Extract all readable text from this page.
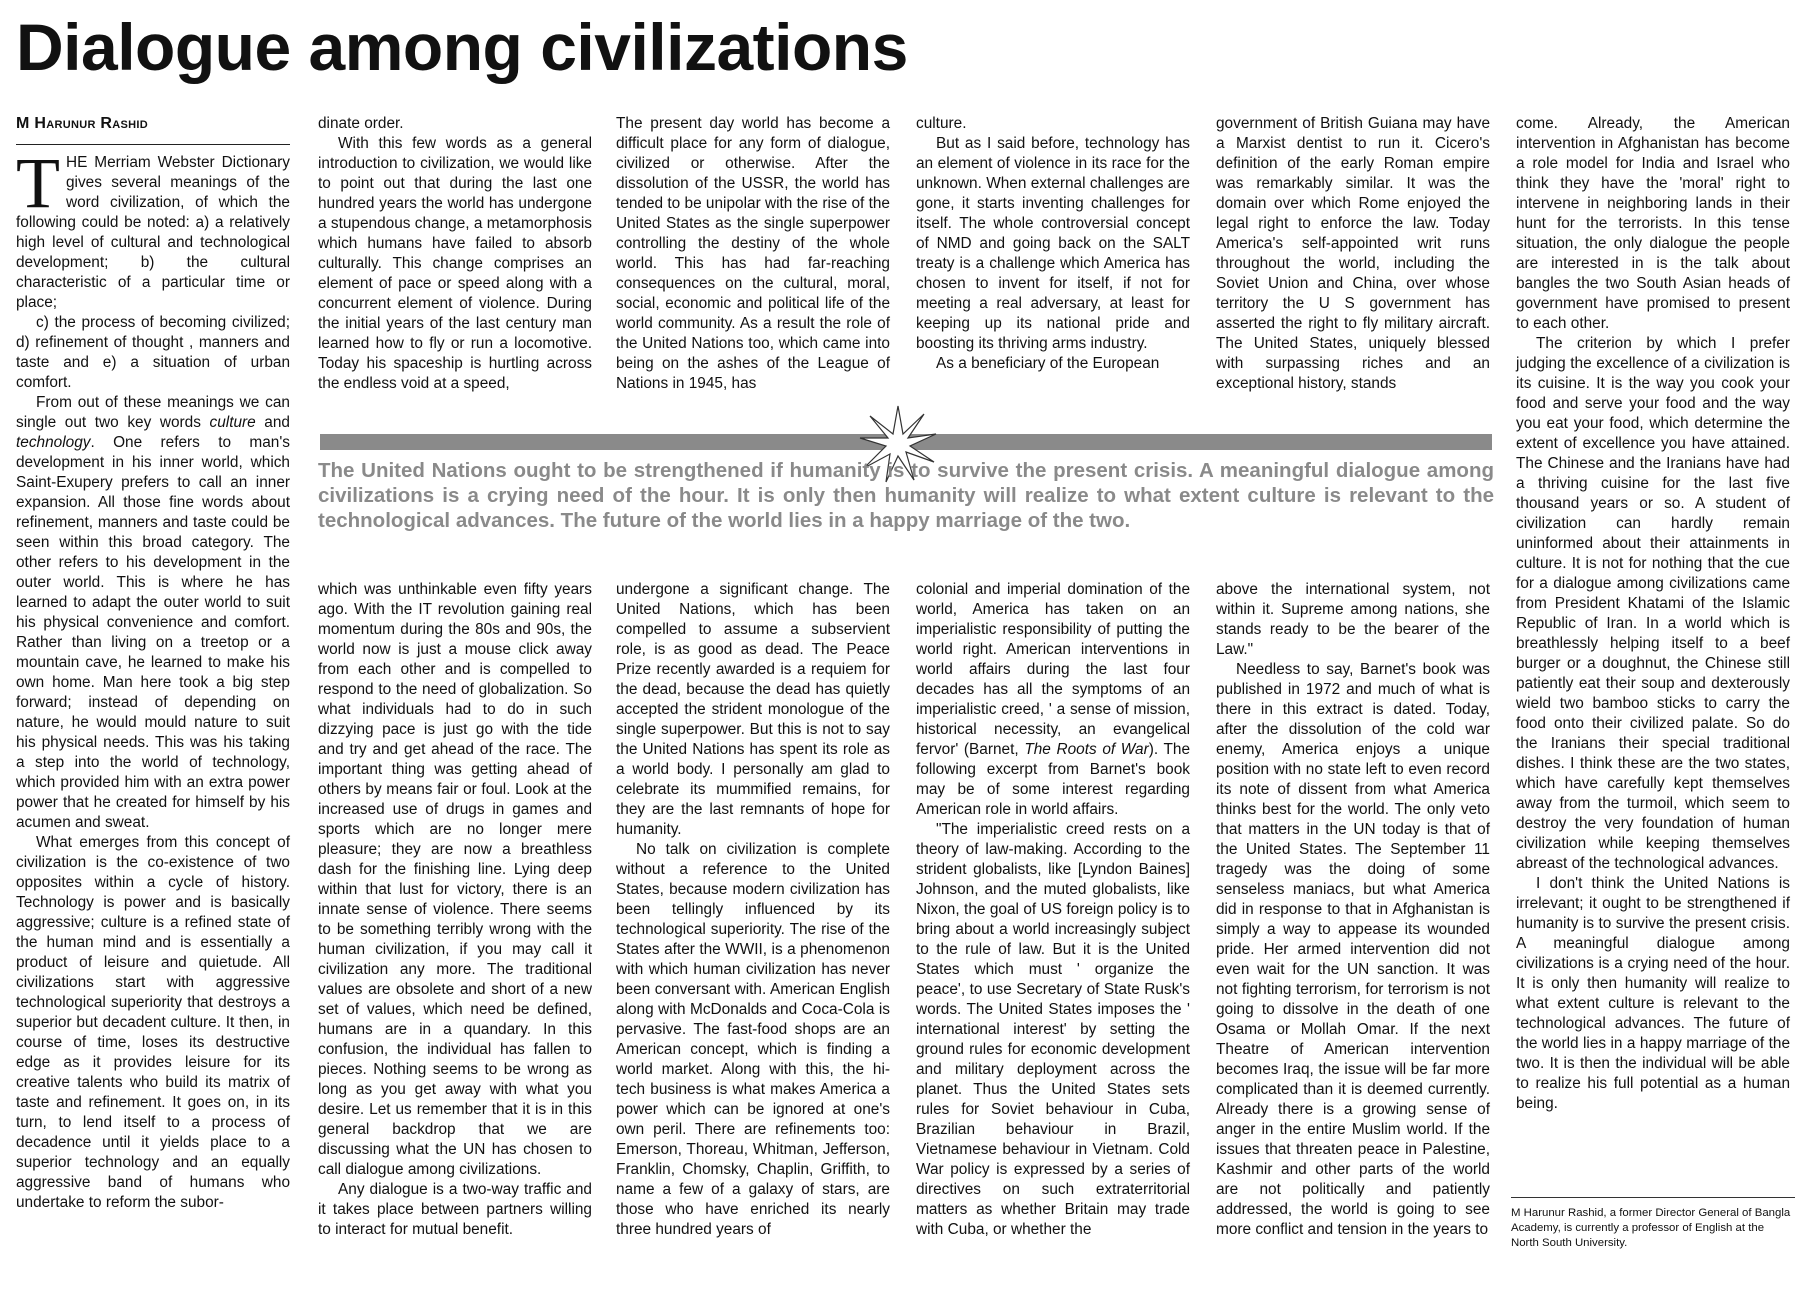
Dialogue among civilizations
M Harunur Rashid

THE Merriam Webster Dictionary gives several meanings of the word civilization, of which the following could be noted: a) a relatively high level of cultural and technological development; b) the cultural characteristic of a particular time or place;

c) the process of becoming civilized; d) refinement of thought , manners and taste and e) a situation of urban comfort.

From out of these meanings we can single out two key words culture and technology. One refers to man's development in his inner world, which Saint-Exupery prefers to call an inner expansion. All those fine words about refinement, manners and taste could be seen within this broad category. The other refers to his development in the outer world. This is where he has learned to adapt the outer world to suit his physical convenience and comfort. Rather than living on a treetop or a mountain cave, he learned to make his own home. Man here took a big step forward; instead of depending on nature, he would mould nature to suit his physical needs. This was his taking a step into the world of technology, which provided him with an extra power power that he created for himself by his acumen and sweat.

What emerges from this concept of civilization is the co-existence of two opposites within a cycle of history. Technology is power and is basically aggressive; culture is a refined state of the human mind and is essentially a product of leisure and quietude. All civilizations start with aggressive technological superiority that destroys a superior but decadent culture. It then, in course of time, loses its destructive edge as it provides leisure for its creative talents who build its matrix of taste and refinement. It goes on, in its turn, to lend itself to a process of decadence until it yields place to a superior technology and an equally aggressive band of humans who undertake to reform the subor-

dinate order.

With this few words as a general introduction to civilization, we would like to point out that during the last one hundred years the world has undergone a stupendous change, a metamorphosis which humans have failed to absorb culturally. This change comprises an element of pace or speed along with a concurrent element of violence. During the initial years of the last century man learned how to fly or run a locomotive. Today his spaceship is hurtling across the endless void at a speed,

The present day world has become a difficult place for any form of dialogue, civilized or otherwise. After the dissolution of the USSR, the world has tended to be unipolar with the rise of the United States as the single superpower controlling the destiny of the whole world. This has had far-reaching consequences on the cultural, moral, social, economic and political life of the world community. As a result the role of the United Nations too, which came into being on the ashes of the League of Nations in 1945, has

culture.

But as I said before, technology has an element of violence in its race for the unknown. When external challenges are gone, it starts inventing challenges for itself. The whole controversial concept of NMD and going back on the SALT treaty is a challenge which America has chosen to invent for itself, if not for meeting a real adversary, at least for keeping up its national pride and boosting its thriving arms industry.

As a beneficiary of the European

government of British Guiana may have a Marxist dentist to run it. Cicero's definition of the early Roman empire was remarkably similar. It was the domain over which Rome enjoyed the legal right to enforce the law. Today America's self-appointed writ runs throughout the world, including the Soviet Union and China, over whose territory the U S government has asserted the right to fly military aircraft. The United States, uniquely blessed with surpassing riches and an exceptional history, stands

The United Nations ought to be strengthened if humanity is to survive the present crisis. A meaningful dialogue among civilizations is a crying need of the hour. It is only then humanity will realize to what extent culture is relevant to the technological advances. The future of the world lies in a happy marriage of the two.

which was unthinkable even fifty years ago. With the IT revolution gaining real momentum during the 80s and 90s, the world now is just a mouse click away from each other and is compelled to respond to the need of globalization. So what individuals had to do in such dizzying pace is just go with the tide and try and get ahead of the race. The important thing was getting ahead of others by means fair or foul. Look at the increased use of drugs in games and sports which are no longer mere pleasure; they are now a breathless dash for the finishing line. Lying deep within that lust for victory, there is an innate sense of violence. There seems to be something terribly wrong with the human civilization, if you may call it civilization any more. The traditional values are obsolete and short of a new set of values, which need be defined, humans are in a quandary. In this confusion, the individual has fallen to pieces. Nothing seems to be wrong as long as you get away with what you desire. Let us remember that it is in this general backdrop that we are discussing what the UN has chosen to call dialogue among civilizations.

Any dialogue is a two-way traffic and it takes place between partners willing to interact for mutual benefit.

undergone a significant change. The United Nations, which has been compelled to assume a subservient role, is as good as dead. The Peace Prize recently awarded is a requiem for the dead, because the dead has quietly accepted the strident monologue of the single superpower. But this is not to say the United Nations has spent its role as a world body. I personally am glad to celebrate its mummified remains, for they are the last remnants of hope for humanity.

No talk on civilization is complete without a reference to the United States, because modern civilization has been tellingly influenced by its technological superiority. The rise of the States after the WWII, is a phenomenon with which human civilization has never been conversant with. American English along with McDonalds and Coca-Cola is pervasive. The fast-food shops are an American concept, which is finding a world market. Along with this, the hi-tech business is what makes America a power which can be ignored at one's own peril. There are refinements too: Emerson, Thoreau, Whitman, Jefferson, Franklin, Chomsky, Chaplin, Griffith, to name a few of a galaxy of stars, are those who have enriched its nearly three hundred years of

colonial and imperial domination of the world, America has taken on an imperialistic responsibility of putting the world right. American interventions in world affairs during the last four decades has all the symptoms of an imperialistic creed, ' a sense of mission, historical necessity, an evangelical fervor' (Barnet, The Roots of War). The following excerpt from Barnet's book may be of some interest regarding American role in world affairs.

"The imperialistic creed rests on a theory of law-making. According to the strident globalists, like [Lyndon Baines] Johnson, and the muted globalists, like Nixon, the goal of US foreign policy is to bring about a world increasingly subject to the rule of law. But it is the United States which must ' organize the peace', to use Secretary of State Rusk's words. The United States imposes the ' international interest' by setting the ground rules for economic development and military deployment across the planet. Thus the United States sets rules for Soviet behaviour in Cuba, Brazilian behaviour in Brazil, Vietnamese behaviour in Vietnam. Cold War policy is expressed by a series of directives on such extraterritorial matters as whether Britain may trade with Cuba, or whether the

above the international system, not within it. Supreme among nations, she stands ready to be the bearer of the Law."

Needless to say, Barnet's book was published in 1972 and much of what is there in this extract is dated. Today, after the dissolution of the cold war enemy, America enjoys a unique position with no state left to even record its note of dissent from what America thinks best for the world. The only veto that matters in the UN today is that of the United States. The September 11 tragedy was the doing of some senseless maniacs, but what America did in response to that in Afghanistan is simply a way to appease its wounded pride. Her armed intervention did not even wait for the UN sanction. It was not fighting terrorism, for terrorism is not going to dissolve in the death of one Osama or Mollah Omar. If the next Theatre of American intervention becomes Iraq, the issue will be far more complicated than it is deemed currently. Already there is a growing sense of anger in the entire Muslim world. If the issues that threaten peace in Palestine, Kashmir and other parts of the world are not politically and patiently addressed, the world is going to see more conflict and tension in the years to

come. Already, the American intervention in Afghanistan has become a role model for India and Israel who think they have the 'moral' right to intervene in neighboring lands in their hunt for the terrorists. In this tense situation, the only dialogue the people are interested in is the talk about bangles the two South Asian heads of government have promised to present to each other.

The criterion by which I prefer judging the excellence of a civilization is its cuisine. It is the way you cook your food and serve your food and the way you eat your food, which determine the extent of excellence you have attained. The Chinese and the Iranians have had a thriving cuisine for the last five thousand years or so. A student of civilization can hardly remain uninformed about their attainments in culture. It is not for nothing that the cue for a dialogue among civilizations came from President Khatami of the Islamic Republic of Iran. In a world which is breathlessly helping itself to a beef burger or a doughnut, the Chinese still patiently eat their soup and dexterously wield two bamboo sticks to carry the food onto their civilized palate. So do the Iranians their special traditional dishes. I think these are the two states, which have carefully kept themselves away from the turmoil, which seem to destroy the very foundation of human civilization while keeping themselves abreast of the technological advances.

I don't think the United Nations is irrelevant; it ought to be strengthened if humanity is to survive the present crisis. A meaningful dialogue among civilizations is a crying need of the hour. It is only then humanity will realize to what extent culture is relevant to the technological advances. The future of the world lies in a happy marriage of the two. It is then the individual will be able to realize his full potential as a human being.

M Harunur Rashid, a former Director General of Bangla Academy, is currently a professor of English at the North South University.
